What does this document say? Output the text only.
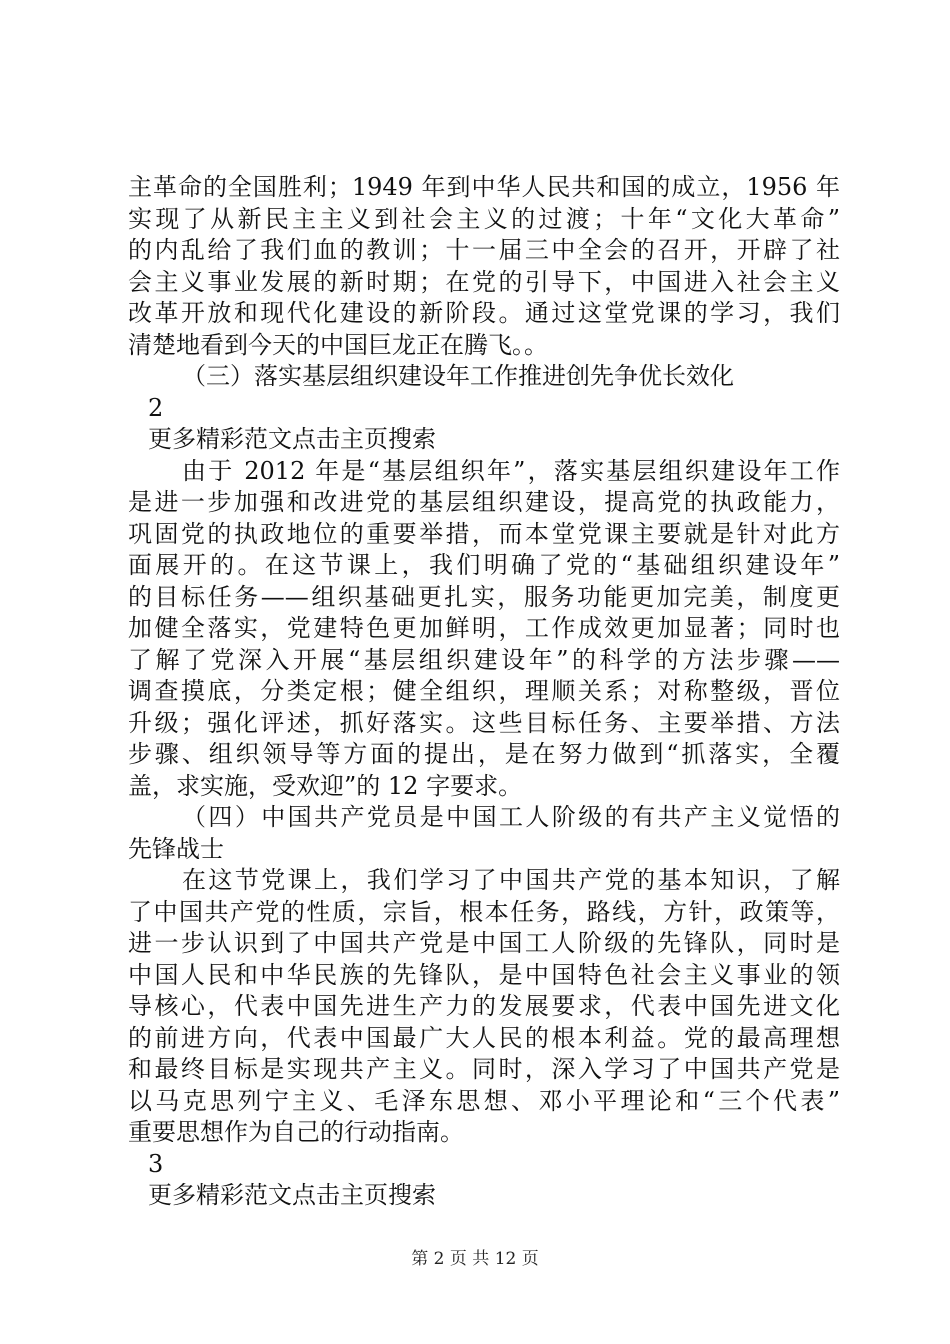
主革命的全国胜利；1949 年到中华人民共和国的成立，1956 年
实现了从新民主主义到社会主义的过渡；十年“文化大革命”
的内乱给了我们血的教训；十一届三中全会的召开，开辟了社
会主义事业发展的新时期；在党的引导下，中国进入社会主义
改革开放和现代化建设的新阶段。通过这堂党课的学习，我们
清楚地看到今天的中国巨龙正在腾飞。。
（三）落实基层组织建设年工作推进创先争优长效化
2
更多精彩范文点击主页搜索
由于 2012 年是“基层组织年”，落实基层组织建设年工作
是进一步加强和改进党的基层组织建设，提高党的执政能力，
巩固党的执政地位的重要举措，而本堂党课主要就是针对此方
面展开的。在这节课上，我们明确了党的“基础组织建设年”
的目标任务——组织基础更扎实，服务功能更加完美，制度更
加健全落实，党建特色更加鲜明，工作成效更加显著；同时也
了解了党深入开展“基层组织建设年”的科学的方法步骤——
调查摸底，分类定根；健全组织，理顺关系；对称整级，晋位
升级；强化评述，抓好落实。这些目标任务、主要举措、方法
步骤、组织领导等方面的提出，是在努力做到“抓落实，全覆
盖，求实施，受欢迎”的 12 字要求。
（四）中国共产党员是中国工人阶级的有共产主义觉悟的
先锋战士
在这节党课上，我们学习了中国共产党的基本知识，了解
了中国共产党的性质，宗旨，根本任务，路线，方针，政策等，
进一步认识到了中国共产党是中国工人阶级的先锋队，同时是
中国人民和中华民族的先锋队，是中国特色社会主义事业的领
导核心，代表中国先进生产力的发展要求，代表中国先进文化
的前进方向，代表中国最广大人民的根本利益。党的最高理想
和最终目标是实现共产主义。同时，深入学习了中国共产党是
以马克思列宁主义、毛泽东思想、邓小平理论和“三个代表”
重要思想作为自己的行动指南。
3
更多精彩范文点击主页搜索
第 2 页 共 12 页
